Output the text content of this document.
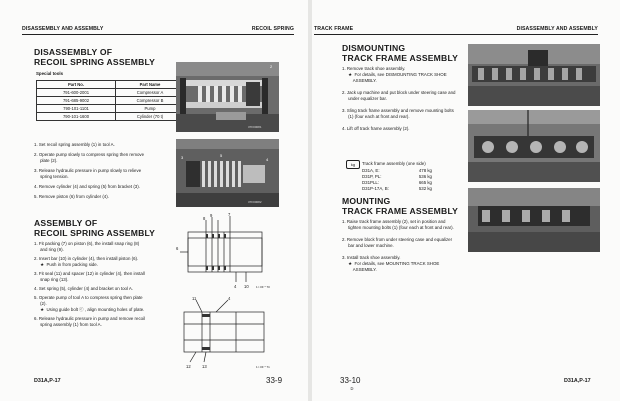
DISASSEMBLY AND ASSEMBLY	RECOIL SPRING
DISASSEMBLY OF
RECOIL SPRING ASSEMBLY
Special tools
Part No.	Part Name	
791-600-2001	Compressor A	
791-685-9002	Compressor B	
790-101-1101	Pump	
790-101-1600	Cylinder (70 t)	
2
37F00081
3	5
4
37F00082
1. Set recoil spring assembly (1) in tool A.
2. Operate pump slowly to compress spring then remove
plate (2).
3. Release hydraulic pressure in pump slowly to relieve
spring tension.
4. Remove cylinder (4) and spring (5) from bracket (3).
5. Remove piston (6) from cylinder (4).
ASSEMBLY OF
RECOIL SPRING ASSEMBLY
1. Fit packing (7) on piston (6), the install snap ring (8)
and ring (9).
2. Insert bar (10) in cylinder (4), then install piston (6).
★  Push in from packing side.
3. Fit seal (11) and spacer (12) in cylinder (4), then install
snap ring (13).
4. Set spring (5), cylinder (4) and bracket on tool A.
5. Operate pump of tool A to compress spring then plate
(2).
★  Using guide bolt ⓒ , align mounting holes of plate.
6. Release hydraulic pressure in pump and remove recoil
spring assembly (1) from tool A.
8
7
9
6
4 10 1 t 0F * 70
11	4
12	13	1 t 0F * 71
D31A,P-17	33-9
TRACK FRAME	DISASSEMBLY AND ASSEMBLY
DISMOUNTING
TRACK FRAME ASSEMBLY
1. Remove track shoe assembly.
★  For details, see DISMOUNTING TRACK SHOE
ASSEMBLY.
2. Jack up machine and put block under steering case and
under equalizer bar.
3. Sling track frame assembly and remove mounting bolts
(1) (four each at front and rear).
4. Lift off track frame assembly (2).
kg	Track frame assembly (one side)
D31A, E:	478 kg
D31P, PL:	536 kg
D31PLL:	665 kg
D31P-17A, B:	532 kg
MOUNTING
TRACK FRAME ASSEMBLY
1. Raise track frame assembly (2), set in position and
tighten mounting bolts (1) (four each at front and rear).
2. Remove block from under steering case and equalizer
bar and lower machine.
3. Install track shoe assembly.
★  For details, see MOUNTING TRACK SHOE
ASSEMBLY.
33-10
②
D31A,P-17
